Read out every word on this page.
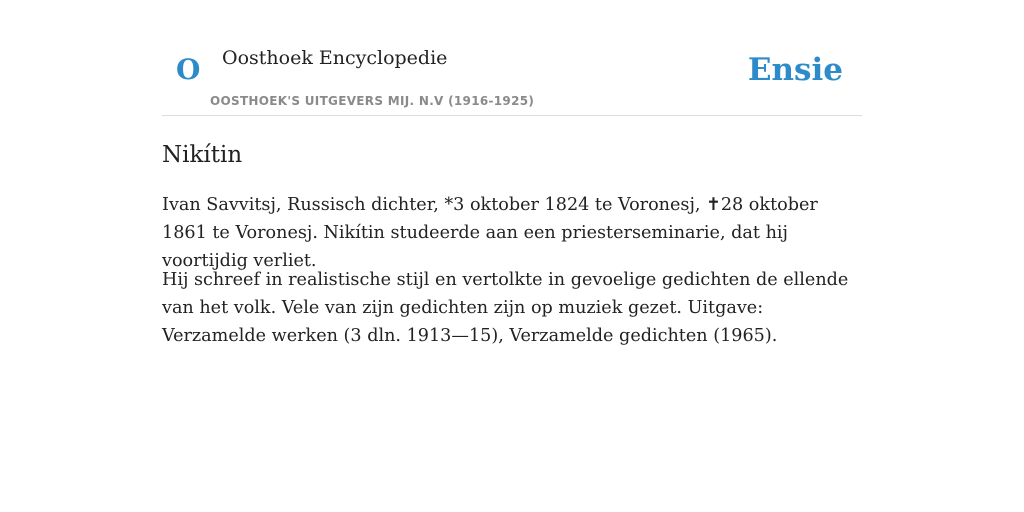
O Oosthoek Encyclopedie
OOSTHOEK'S UITGEVERS MIJ. N.V (1916-1925)
Ensie
Nikítin

Ivan Savvitsj, Russisch dichter, *3 oktober 1824 te Voronesj, ✝28 oktober 1861 te Voronesj. Nikítin studeerde aan een priesterseminarie, dat hij voortijdig verliet.

Hij schreef in realistische stijl en vertolkte in gevoelige gedichten de ellende van het volk. Vele van zijn gedichten zijn op muziek gezet. Uitgave: Verzamelde werken (3 dln. 1913—15), Verzamelde gedichten (1965).
